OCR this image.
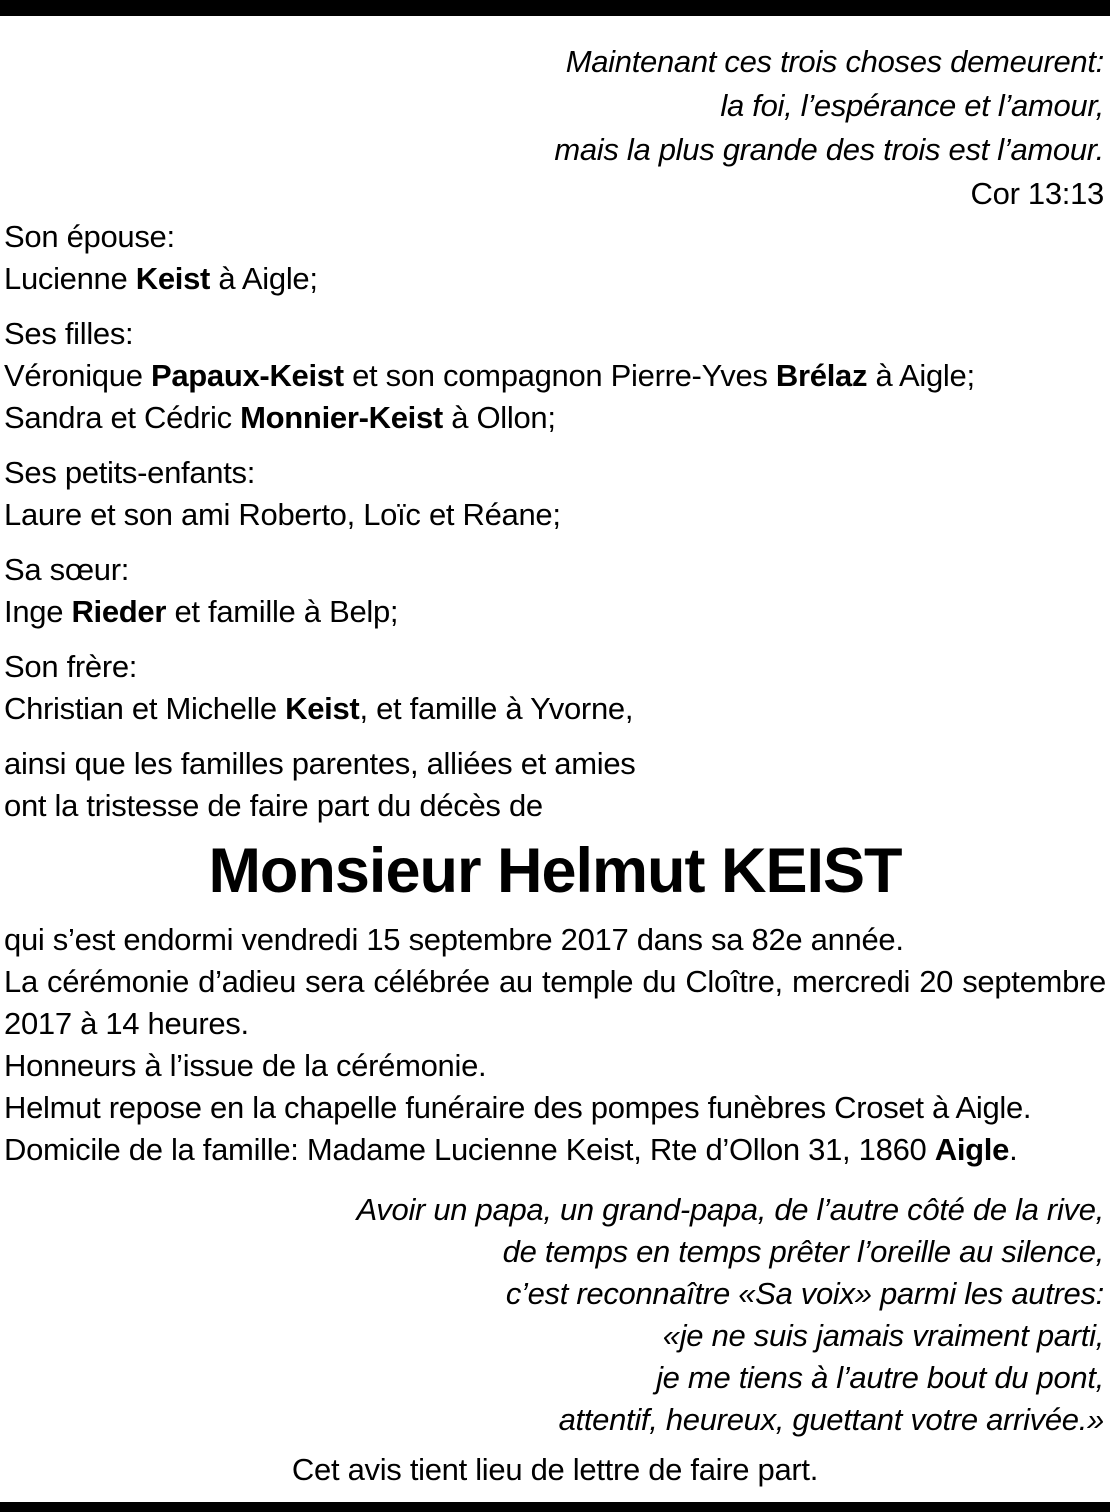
Maintenant ces trois choses demeurent:
la foi, l’espérance et l’amour,
mais la plus grande des trois est l’amour.
Cor 13:13
Son épouse:
Lucienne Keist à Aigle;
Ses filles:
Véronique Papaux-Keist et son compagnon Pierre-Yves Brélaz à Aigle;
Sandra et Cédric Monnier-Keist à Ollon;
Ses petits-enfants:
Laure et son ami Roberto, Loïc et Réane;
Sa sœur:
Inge Rieder et famille à Belp;
Son frère:
Christian et Michelle Keist, et famille à Yvorne,
ainsi que les familles parentes, alliées et amies
ont la tristesse de faire part du décès de
Monsieur Helmut KEIST
qui s’est endormi vendredi 15 septembre 2017 dans sa 82e année.

La cérémonie d’adieu sera célébrée au temple du Cloître, mercredi 20 septembre 2017 à 14 heures.

Honneurs à l’issue de la cérémonie.
Helmut repose en la chapelle funéraire des pompes funèbres Croset à Aigle.
Domicile de la famille: Madame Lucienne Keist, Rte d’Ollon 31, 1860 Aigle.
Avoir un papa, un grand-papa, de l’autre côté de la rive,
de temps en temps prêter l’oreille au silence,
c’est reconnaître «Sa voix» parmi les autres:
«je ne suis jamais vraiment parti,
je me tiens à l’autre bout du pont,
attentif, heureux, guettant votre arrivée.»
Cet avis tient lieu de lettre de faire part.
